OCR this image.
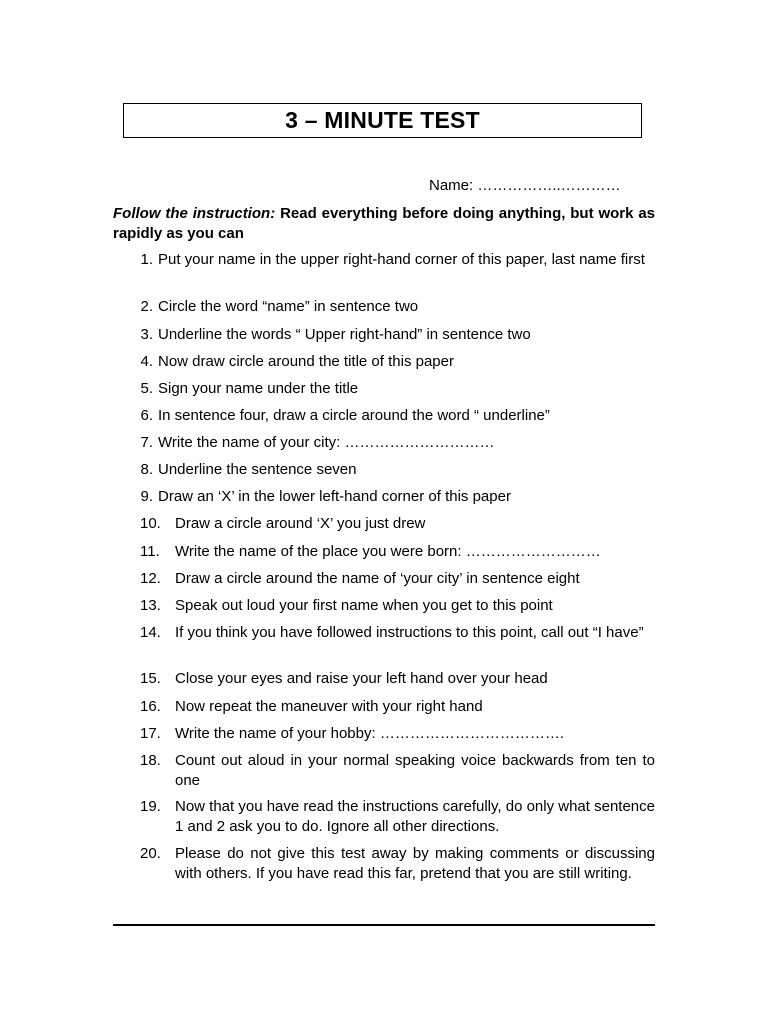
3 – MINUTE TEST
Name: ……………..…………
Follow the instruction: Read everything before doing anything, but work as rapidly as you can
1. Put your name in the upper right-hand corner of this paper, last name first
2. Circle the word “name” in sentence two
3. Underline the words “ Upper right-hand” in sentence two
4. Now draw circle around the title of this paper
5. Sign your name under the title
6. In sentence four, draw a circle around the word “ underline”
7. Write the name of your city: …………………………
8. Underline the sentence seven
9. Draw an ‘X’ in the lower left-hand corner of this paper
10. Draw a circle around ‘X’ you just drew
11.	Write the name of the place you were born: ………………………
12. Draw a circle around the name of ‘your city’ in sentence eight
13. Speak out loud your first name when you get to this point
14. If you think you have followed instructions to this point, call out “I have”
15. Close your eyes and raise your left hand over your head
16. Now repeat the maneuver with your right hand
17. Write the name of your hobby: ……………………………….
18. Count out aloud in your normal speaking voice backwards from ten to one
19. Now that you have read the instructions carefully, do only what sentence 1 and 2 ask you to do. Ignore all other directions.
20. Please do not give this test away by making comments or discussing with others. If you have read this far, pretend that you are still writing.
